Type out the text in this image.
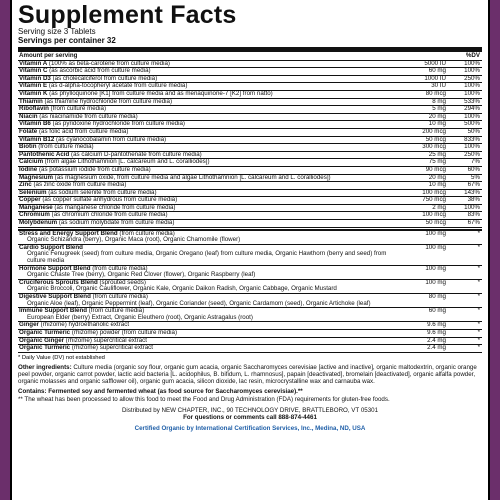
Supplement Facts
Serving size 3 Tablets
Servings per container 32
Amount per serving		%DV
Vitamin A (100% as beta-carotene from culture media)	5000 IU	100%
Vitamin C (as ascorbic acid from culture media)	60 mg	100%
Vitamin D3 (as cholecalciferol from culture media)	1000 IU	250%
Vitamin E (as d-alpha-tocopheryl acetate from culture media)	30 IU	100%
Vitamin K (as phylloquinone [K1] from culture media and as menaquinone-7 [K2] from natto)	80 mcg	100%
Thiamin (as thiamine hydrochloride from culture media)	8 mg	533%
Riboflavin (from culture media)	5 mg	294%
Niacin (as niacinamide from culture media)	20 mg	100%
Vitamin B6 (as pyridoxine hydrochloride from culture media)	10 mg	500%
Folate (as folic acid from culture media)	200 mcg	50%
Vitamin B12 (as cyanocobalamin from culture media)	50 mcg	833%
Biotin (from culture media)	300 mcg	100%
Pantothenic Acid (as calcium D-pantothenate from culture media)	25 mg	250%
Calcium (from algae Lithothamnion [L. calcareum and L. coralliodes])	75 mg	7%
Iodine (as potassium iodide from culture media)	90 mcg	60%
Magnesium (as magnesium oxide, from culture media and algae Lithothamnion [L. calcareum and L. coralliodes])	20 mg	5%
Zinc (as zinc oxide from culture media)	10 mg	67%
Selenium (as sodium selenite from culture media)	100 mcg	143%
Copper (as copper sulfate anhydrous from culture media)	750 mcg	38%
Manganese (as manganese chloride from culture media)	2 mg	100%
Chromium (as chromium chloride from culture media)	100 mcg	83%
Molybdenum (as sodium molybdate from culture media)	50 mcg	67%

Stress and Energy Support Blend (from culture media)
Organic Schizandra (berry), Organic Maca (root), Organic Chamomile (flower)	100 mg	*
Cardio Support Blend
Organic Fenugreek (seed) from culture media, Organic Oregano (leaf) from culture media, Organic Hawthorn (berry and seed) from culture media	100 mg	*
Hormone Support Blend (from culture media)
Organic Chaste Tree (berry), Organic Red Clover (flower), Organic Raspberry (leaf)	100 mg	*
Cruciferous Sprouts Blend (sprouted seeds)
Organic Broccoli, Organic Cauliflower, Organic Kale, Organic Daikon Radish, Organic Cabbage, Organic Mustard	100 mg	*
Digestive Support Blend (from culture media)
Organic Aloe (leaf), Organic Peppermint (leaf), Organic Coriander (seed), Organic Cardamom (seed), Organic Artichoke (leaf)	80 mg	*
Immune Support Blend (from culture media)
European Elder (berry) Extract, Organic Eleuthero (root), Organic Astragalus (root)	60 mg	*
Ginger (rhizome) hydroethanolic extract	9.6 mg	*
Organic Turmeric (rhizome) powder (from culture media)	9.6 mg	*
Organic Ginger (rhizome) supercritical extract	2.4 mg	*
Organic Turmeric (rhizome) supercritical extract	2.4 mg	*
* Daily Value (DV) not established
Other ingredients: Culture media (organic soy flour, organic gum acacia, organic Saccharomyces cerevisiae [active and inactive], organic maltodextrin, organic orange peel powder, organic carrot powder, lactic acid bacteria [L. acidophilus, B. bifidum, L. rhamnosus], papain [deactivated], bromelain [deactivated], organic alfalfa powder, organic molasses and organic safflower oil), organic gum acacia, silicon dioxide, lac resin, microcrystalline wax and carnauba wax.
Contains: Fermented soy and fermented wheat (as food source for Saccharomyces cerevisiae).**
** The wheat has been processed to allow this food to meet the Food and Drug Administration (FDA) requirements for gluten-free foods.
Distributed by NEW CHAPTER, INC., 90 TECHNOLOGY DRIVE, BRATTLEBORO, VT 05301
For questions or comments call 888-874-4461
Certified Organic by International Certification Services, Inc., Medina, ND, USA
